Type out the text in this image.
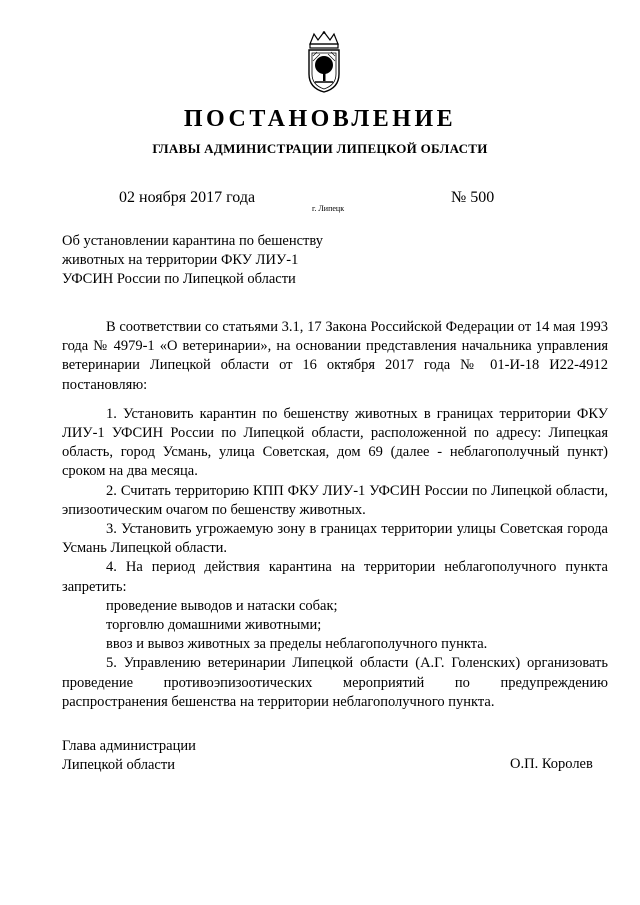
ПОСТАНОВЛЕНИЕ
ГЛАВЫ АДМИНИСТРАЦИИ ЛИПЕЦКОЙ ОБЛАСТИ
02 ноября 2017 года
г. Липецк
№ 500
Об установлении карантина по бешенству
животных на территории ФКУ ЛИУ-1
УФСИН России по Липецкой области

В соответствии со статьями 3.1, 17 Закона Российской Федерации от 14 мая 1993 года № 4979-1 «О ветеринарии», на основании представления начальника управления ветеринарии Липецкой области от 16 октября 2017 года № 01-И-18 И22-4912 постановляю:

1. Установить карантин по бешенству животных в границах территории ФКУ ЛИУ-1 УФСИН России по Липецкой области, расположенной по адресу: Липецкая область, город Усмань, улица Советская, дом 69 (далее - неблагополучный пункт) сроком на два месяца.

2. Считать территорию КПП ФКУ ЛИУ-1 УФСИН России по Липецкой области, эпизоотическим очагом по бешенству животных.

3. Установить угрожаемую зону в границах территории улицы Советская города Усмань Липецкой области.

4. На период действия карантина на территории неблагополучного пункта запретить:

проведение выводов и натаски собак;

торговлю домашними животными;

ввоз и вывоз животных за пределы неблагополучного пункта.

5. Управлению ветеринарии Липецкой области (А.Г. Голенских) организовать проведение противоэпизоотических мероприятий по предупреждению распространения бешенства на территории неблагополучного пункта.

Глава администрации
Липецкой области	О.П. Королев
